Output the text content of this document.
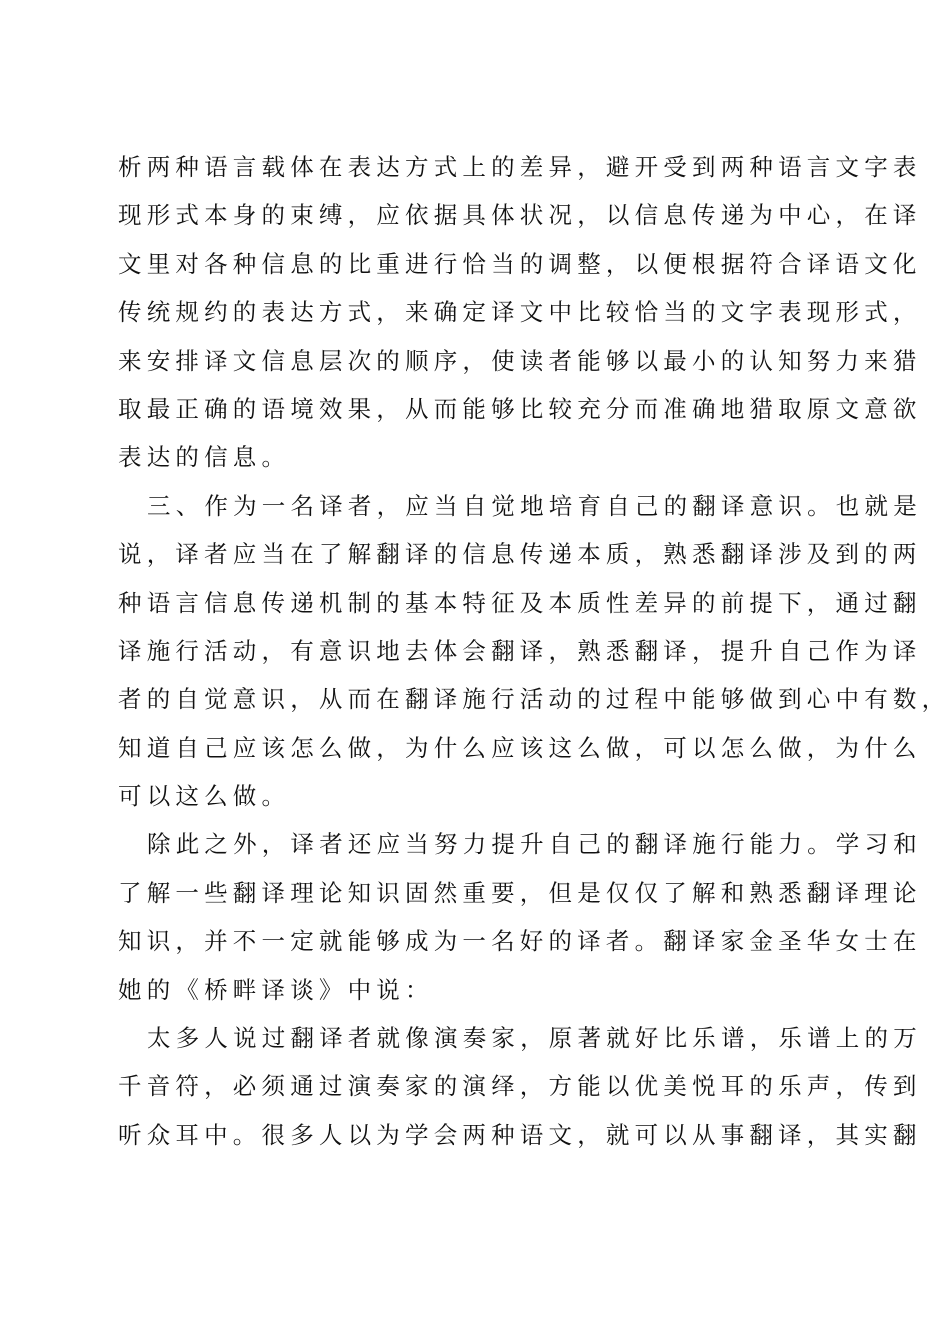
析两种语言载体在表达方式上的差异，避开受到两种语言文字表
现形式本身的束缚，应依据具体状况，以信息传递为中心，在译
文里对各种信息的比重进行恰当的调整，以便根据符合译语文化
传统规约的表达方式，来确定译文中比较恰当的文字表现形式，
来安排译文信息层次的顺序，使读者能够以最小的认知努力来猎
取最正确的语境效果，从而能够比较充分而准确地猎取原文意欲
表达的信息。
三、作为一名译者，应当自觉地培育自己的翻译意识。也就是
说，译者应当在了解翻译的信息传递本质，熟悉翻译涉及到的两
种语言信息传递机制的基本特征及本质性差异的前提下，通过翻
译施行活动，有意识地去体会翻译，熟悉翻译，提升自己作为译
者的自觉意识，从而在翻译施行活动的过程中能够做到心中有数，
知道自己应该怎么做，为什么应该这么做，可以怎么做，为什么
可以这么做。
除此之外，译者还应当努力提升自己的翻译施行能力。学习和
了解一些翻译理论知识固然重要，但是仅仅了解和熟悉翻译理论
知识，并不一定就能够成为一名好的译者。翻译家金圣华女士在
她的《桥畔译谈》中说：
太多人说过翻译者就像演奏家，原著就好比乐谱，乐谱上的万
千音符，必须通过演奏家的演绎，方能以优美悦耳的乐声，传到
听众耳中。很多人以为学会两种语文，就可以从事翻译，其实翻
